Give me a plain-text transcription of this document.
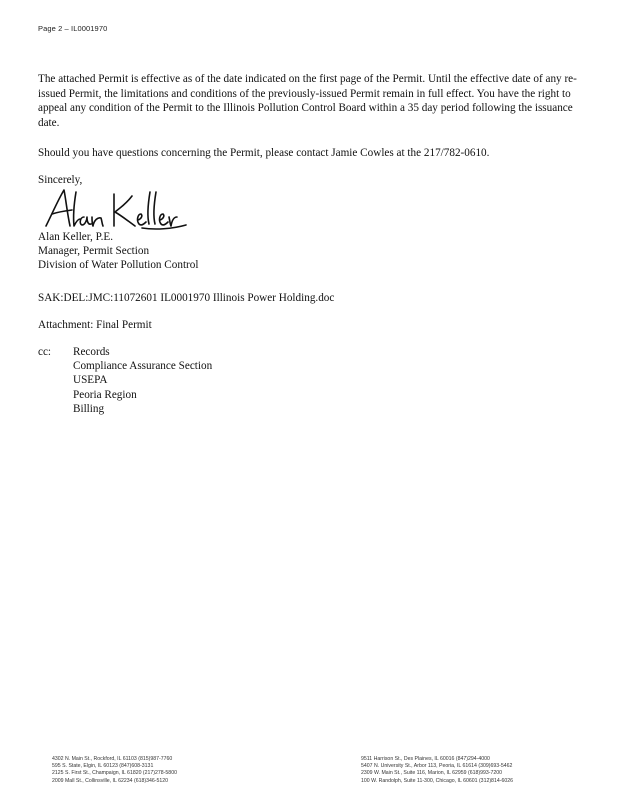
Page 2 – IL0001970
The attached Permit is effective as of the date indicated on the first page of the Permit. Until the effective date of any re-issued Permit, the limitations and conditions of the previously-issued Permit remain in full effect. You have the right to appeal any condition of the Permit to the Illinois Pollution Control Board within a 35 day period following the issuance date.
Should you have questions concerning the Permit, please contact Jamie Cowles at the 217/782-0610.
Sincerely,
Alan Keller, P.E.
Manager, Permit Section
Division of Water Pollution Control
SAK:DEL:JMC:11072601 IL0001970 Illinois Power Holding.doc
Attachment: Final Permit
cc: Records
Compliance Assurance Section
USEPA
Peoria Region
Billing
4302 N. Main St., Rockford, IL 61103 (815)987-7760
595 S. State, Elgin, IL 60123 (847)608-3131
2125 S. First St., Champaign, IL 61820 (217)278-5800
2009 Mall St., Collinsville, IL 62234 (618)346-5120
9511 Harrison St., Des Plaines, IL 60016 (847)294-4000
5407 N. University St., Arbor 113, Peoria, IL 61614 (309)693-5462
2309 W. Main St., Suite 116, Marion, IL 62959 (618)993-7200
100 W. Randolph, Suite 11-300, Chicago, IL 60601 (312)814-6026
